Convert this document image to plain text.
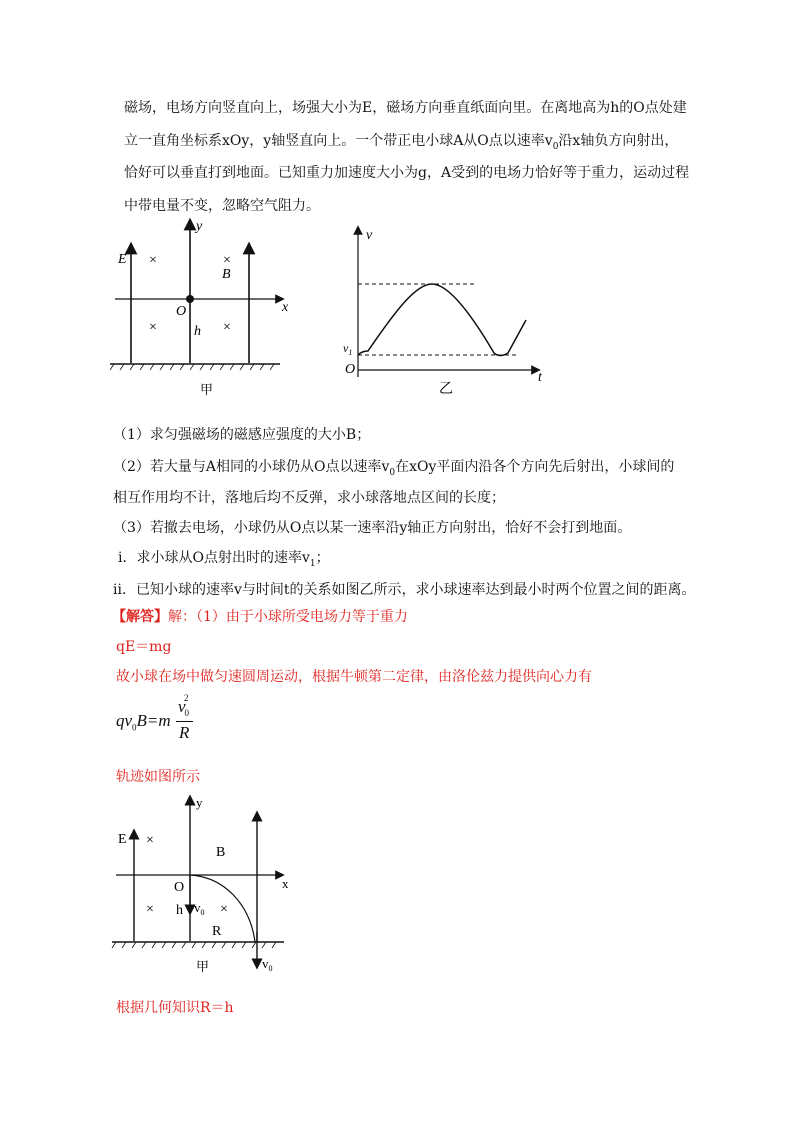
磁场，电场方向竖直向上，场强大小为E，磁场方向垂直纸面向里。在离地高为h的O点处建
立一直角坐标系xOy，y轴竖直向上。一个带正电小球A从O点以速率$v_0$沿x轴负方向射出，
恰好可以垂直打到地面。已知重力加速度大小为g，A受到的电场力恰好等于重力，运动过程
中带电量不变，忽略空气阻力。
E
y
x
O
B
h
×	×
×	×
甲
v
$v_1$
O
t
乙
（1）求匀强磁场的磁感应强度的大小B；
（2）若大量与A相同的小球仍从O点以速率$v_0$在xOy平面内沿各个方向先后射出，小球间的
相互作用均不计，落地后均不反弹，求小球落地点区间的长度；
（3）若撤去电场，小球仍从O点以某一速率沿y轴正方向射出，恰好不会打到地面。
ⅰ．求小球从O点射出时的速率$v_1$；
ⅱ．已知小球的速率v与时间t的关系如图乙所示，求小球速率达到最小时两个位置之间的距离。
【解答】解：（1）由于小球所受电场力等于重力
qE＝mg
故小球在场中做匀速圆周运动，根据牛顿第二定律，由洛伦兹力提供向心力有
$qv_0B=m$
$v_0^2$
R
轨迹如图所示
y
E
B
x
O
h $v_0$
R
$v_0$
×
×	×
甲
根据几何知识R＝h
